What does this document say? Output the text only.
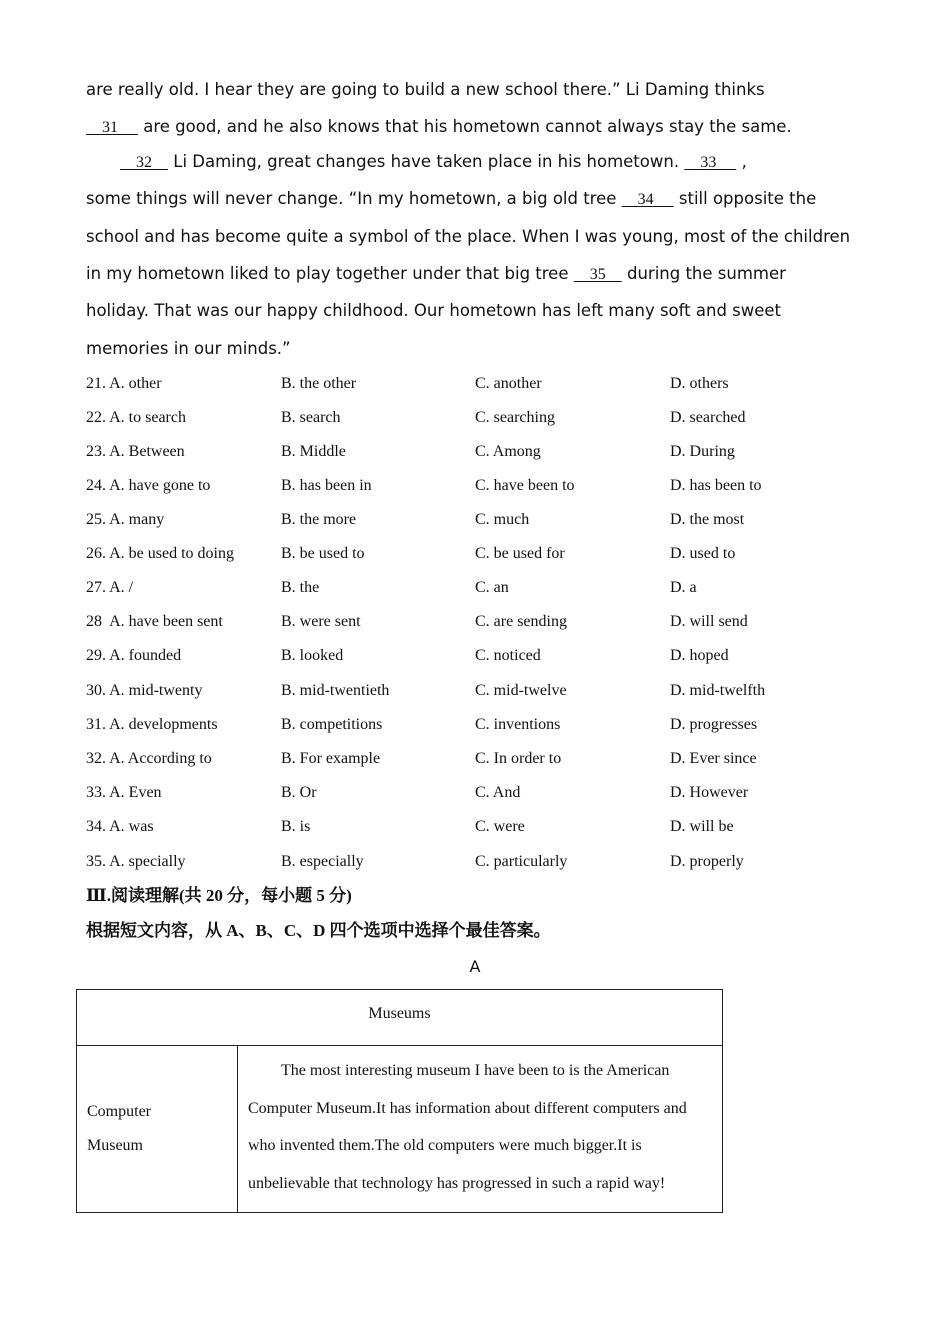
are really old. I hear they are going to build a new school there.” Li Daming thinks
31      are good, and he also knows that his hometown cannot always stay the same.
32     Li Daming, great changes have taken place in his hometown.     33      ,
some things will never change. “In my hometown, a big old tree     34      still opposite the
school and has become quite a symbol of the place. When I was young, most of the children
in my hometown liked to play together under that big tree     35     during the summer
holiday. That was our happy childhood. Our hometown has left many soft and sweet
memories in our minds.”
21. A. other	B. the other	C. another	D. others
22. A. to search	B. search	C. searching	D. searched
23. A. Between	B. Middle	C. Among	D. During
24. A. have gone to	B. has been in	C. have been to	D. has been to
25. A. many	B. the more	C. much	D. the most
26. A. be used to doing	B. be used to	C. be used for	D. used to
27. A. /	B. the	C. an	D. a
28  A. have been sent	B. were sent	C. are sending	D. will send
29. A. founded	B. looked	C. noticed	D. hoped
30. A. mid-twenty	B. mid-twentieth	C. mid-twelve	D. mid-twelfth
31. A. developments	B. competitions	C. inventions	D. progresses
32. A. According to	B. For example	C. In order to	D. Ever since
33. A. Even	B. Or	C. And	D. However
34. A. was	B. is	C. were	D. will be
35. A. specially	B. especially	C. particularly	D. properly
Ⅲ.阅读理解(共 20 分，每小题 5 分)
根据短文内容，从 A、B、C、D 四个选项中选择个最佳答案。
A
Museums

Computer
Museum

The most interesting museum I have been to is the American
Computer Museum.It has information about different computers and
who invented them.The old computers were much bigger.It is
unbelievable that technology has progressed in such a rapid way!
